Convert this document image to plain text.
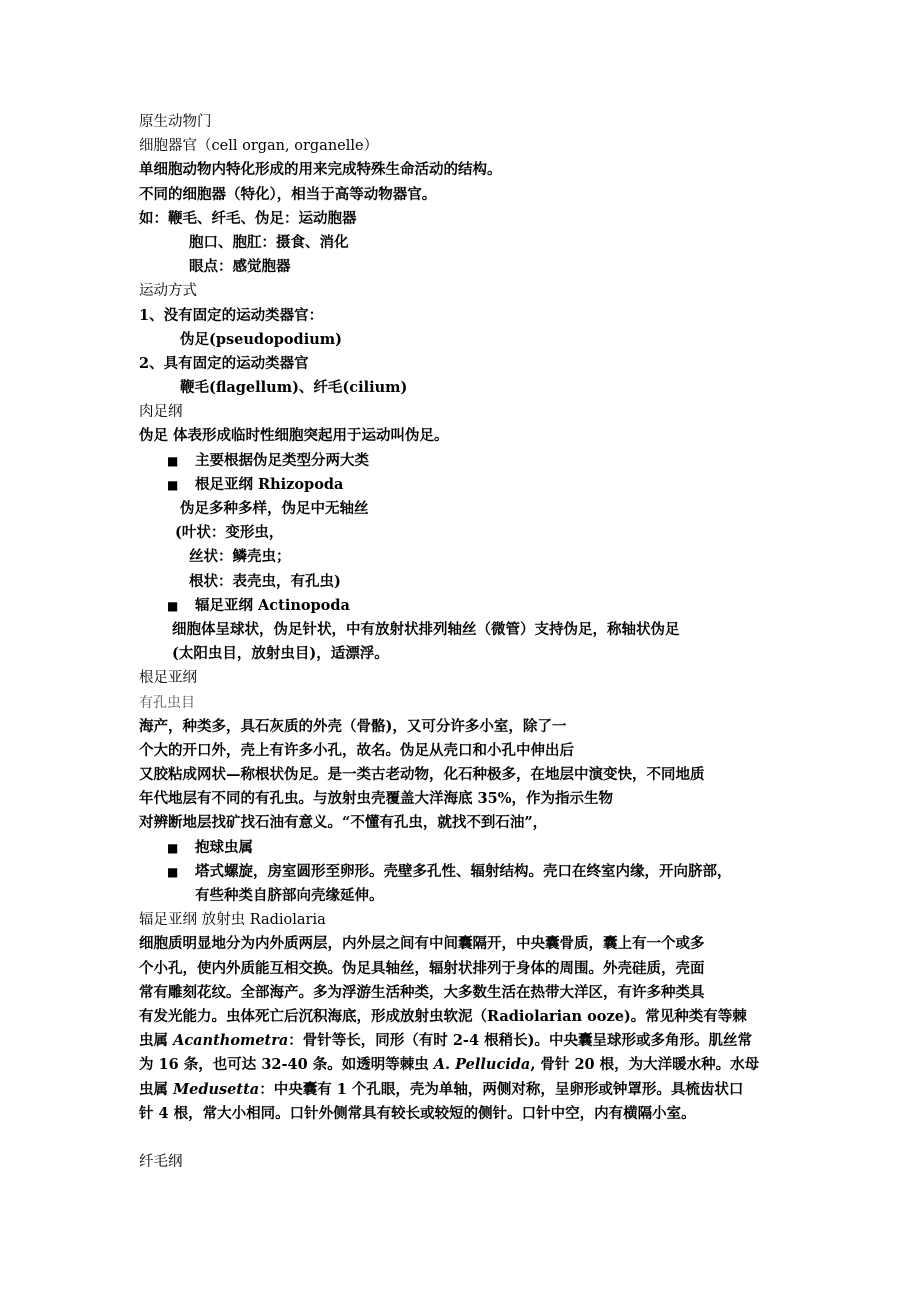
原生动物门
细胞器官（cell organ, organelle）
单细胞动物内特化形成的用来完成特殊生命活动的结构。
不同的细胞器（特化），相当于高等动物器官。
如：鞭毛、纤毛、伪足：运动胞器
胞口、胞肛：摄食、消化
眼点：感觉胞器
运动方式
1、没有固定的运动类器官：
伪足(pseudopodium)
2、具有固定的运动类器官
鞭毛(flagellum)、纤毛(cilium)
肉足纲
伪足 体表形成临时性细胞突起用于运动叫伪足。
■	主要根据伪足类型分两大类
■	根足亚纲 Rhizopoda
伪足多种多样，伪足中无轴丝
(叶状：变形虫，
丝状：鳞壳虫；
根状：表壳虫，有孔虫)
■	辐足亚纲 Actinopoda
细胞体呈球状，伪足针状，中有放射状排列轴丝（微管）支持伪足，称轴状伪足
(太阳虫目，放射虫目)，适漂浮。
根足亚纲
有孔虫目
海产，种类多，具石灰质的外壳（骨骼)，又可分许多小室，除了一
个大的开口外，壳上有许多小孔，故名。伪足从壳口和小孔中伸出后
又胶粘成网状—称根状伪足。是一类古老动物，化石种极多，在地层中演变快，不同地质
年代地层有不同的有孔虫。与放射虫壳覆盖大洋海底 35%，作为指示生物
对辨断地层找矿找石油有意义。“不懂有孔虫，就找不到石油”，
■	抱球虫属
■	塔式螺旋，房室圆形至卵形。壳壁多孔性、辐射结构。壳口在终室内缘，开向脐部，
有些种类自脐部向壳缘延伸。
辐足亚纲 放射虫 Radiolaria
细胞质明显地分为内外质两层，内外层之间有中间囊隔开，中央囊骨质，囊上有一个或多
个小孔，使内外质能互相交换。伪足具轴丝，辐射状排列于身体的周围。外壳硅质，壳面
常有雕刻花纹。全部海产。多为浮游生活种类，大多数生活在热带大洋区，有许多种类具
有发光能力。虫体死亡后沉积海底，形成放射虫软泥（Radiolarian ooze)。常见种类有等棘
虫属 Acanthometra：骨针等长，同形（有时 2-4 根稍长)。中央囊呈球形或多角形。肌丝常
为 16 条，也可达 32-40 条。如透明等棘虫 A. Pellucida, 骨针 20 根，为大洋暖水种。水母
虫属 Medusetta：中央囊有 1 个孔眼，壳为单轴，两侧对称，呈卵形或钟罩形。具梳齿状口
针 4 根，常大小相同。口针外侧常具有较长或较短的侧针。口针中空，内有横隔小室。
纤毛纲
